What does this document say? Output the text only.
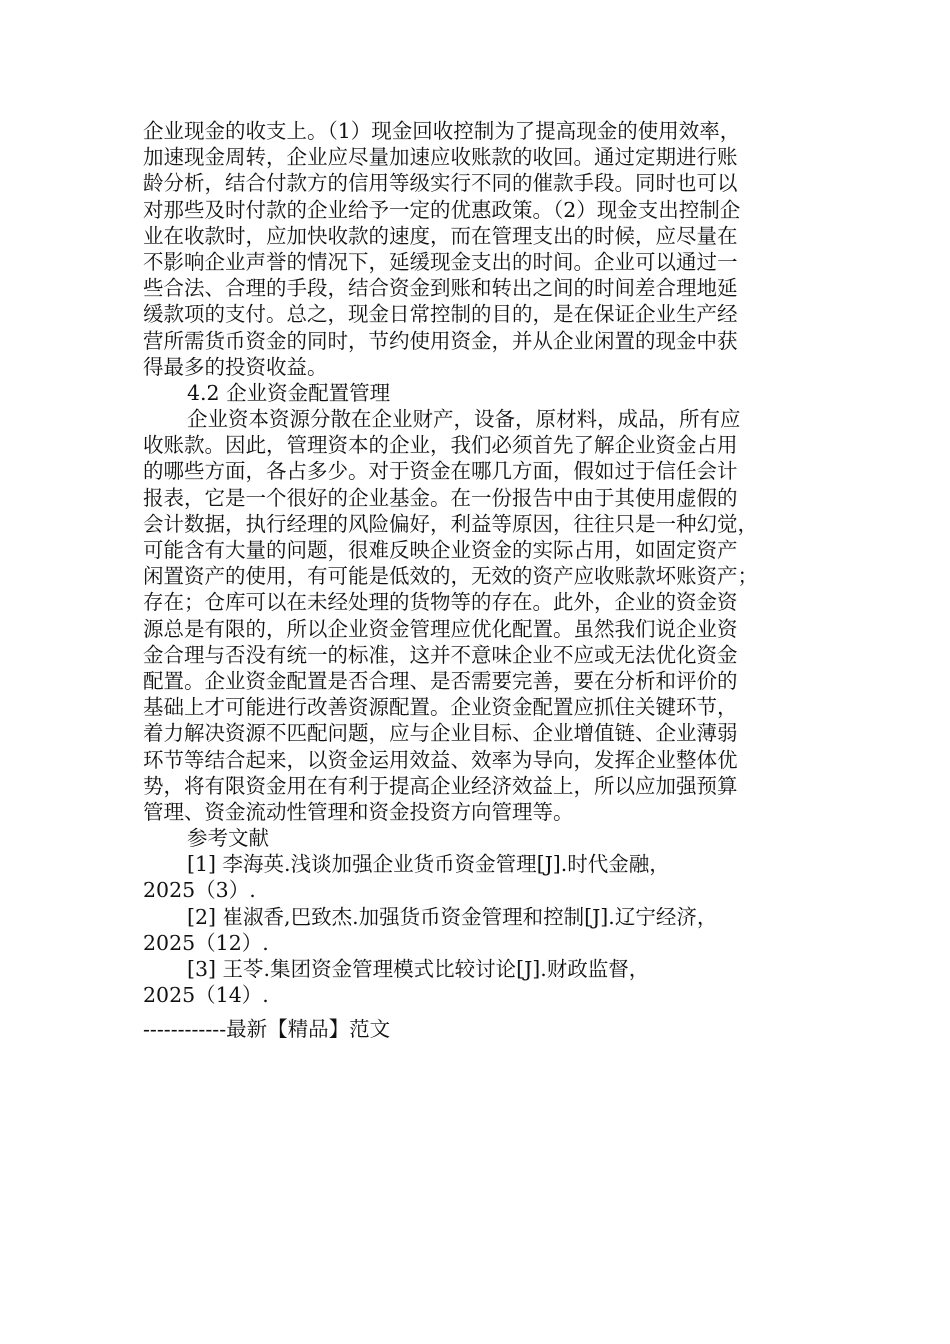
企业现金的收支上。（1）现金回收控制为了提高现金的使用效率，
加速现金周转，企业应尽量加速应收账款的收回。通过定期进行账
龄分析，结合付款方的信用等级实行不同的催款手段。同时也可以
对那些及时付款的企业给予一定的优惠政策。（2）现金支出控制企
业在收款时，应加快收款的速度，而在管理支出的时候，应尽量在
不影响企业声誉的情况下，延缓现金支出的时间。企业可以通过一
些合法、合理的手段，结合资金到账和转出之间的时间差合理地延
缓款项的支付。总之，现金日常控制的目的，是在保证企业生产经
营所需货币资金的同时，节约使用资金，并从企业闲置的现金中获
得最多的投资收益。
4.2 企业资金配置管理
企业资本资源分散在企业财产，设备，原材料，成品，所有应
收账款。因此，管理资本的企业，我们必须首先了解企业资金占用
的哪些方面，各占多少。对于资金在哪几方面，假如过于信任会计
报表，它是一个很好的企业基金。在一份报告中由于其使用虚假的
会计数据，执行经理的风险偏好，利益等原因，往往只是一种幻觉，
可能含有大量的问题，很难反映企业资金的实际占用，如固定资产
闲置资产的使用，有可能是低效的，无效的资产应收账款坏账资产；
存在；仓库可以在未经处理的货物等的存在。此外，企业的资金资
源总是有限的，所以企业资金管理应优化配置。虽然我们说企业资
金合理与否没有统一的标准，这并不意味企业不应或无法优化资金
配置。企业资金配置是否合理、是否需要完善，要在分析和评价的
基础上才可能进行改善资源配置。企业资金配置应抓住关键环节，
着力解决资源不匹配问题，应与企业目标、企业增值链、企业薄弱
环节等结合起来，以资金运用效益、效率为导向，发挥企业整体优
势，将有限资金用在有利于提高企业经济效益上，所以应加强预算
管理、资金流动性管理和资金投资方向管理等。
参考文献
[1] 李海英.浅谈加强企业货币资金管理[J].时代金融，
2025（3）.
[2] 崔淑香,巴致杰.加强货币资金管理和控制[J].辽宁经济，
2025（12）.
[3] 王苓.集团资金管理模式比较讨论[J].财政监督，
2025（14）.
------------最新【精品】范文
